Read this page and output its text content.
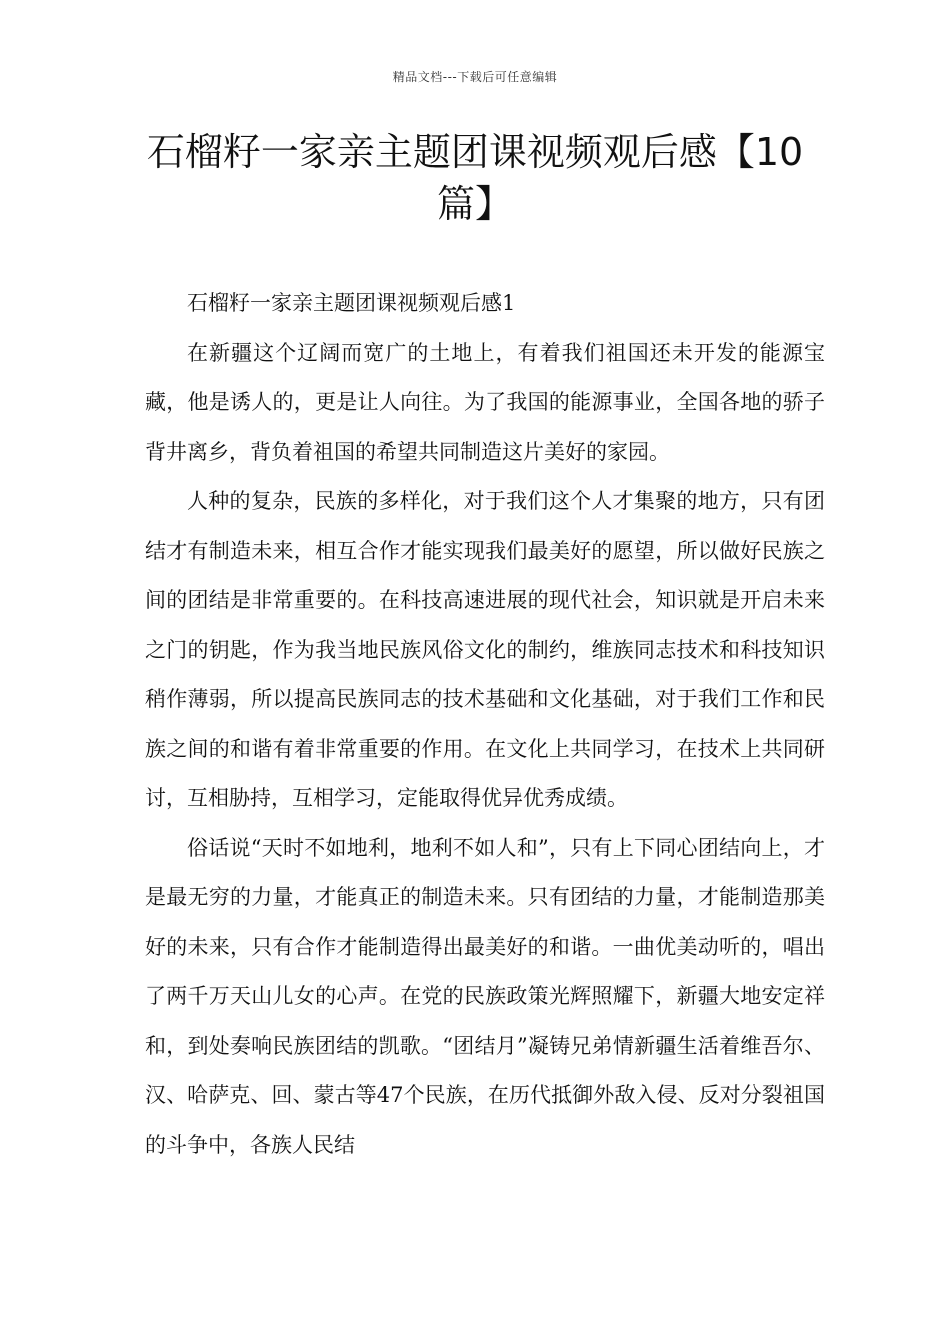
精品文档---下载后可任意编辑
石榴籽一家亲主题团课视频观后感【10篇】

石榴籽一家亲主题团课视频观后感1

在新疆这个辽阔而宽广的土地上，有着我们祖国还未开发的能源宝藏，他是诱人的，更是让人向往。为了我国的能源事业，全国各地的骄子背井离乡，背负着祖国的希望共同制造这片美好的家园。

人种的复杂，民族的多样化，对于我们这个人才集聚的地方，只有团结才有制造未来，相互合作才能实现我们最美好的愿望，所以做好民族之间的团结是非常重要的。在科技高速进展的现代社会，知识就是开启未来之门的钥匙，作为我当地民族风俗文化的制约，维族同志技术和科技知识稍作薄弱，所以提高民族同志的技术基础和文化基础，对于我们工作和民族之间的和谐有着非常重要的作用。在文化上共同学习，在技术上共同研讨，互相胁持，互相学习，定能取得优异优秀成绩。

俗话说“天时不如地利，地利不如人和”，只有上下同心团结向上，才是最无穷的力量，才能真正的制造未来。只有团结的力量，才能制造那美好的未来，只有合作才能制造得出最美好的和谐。一曲优美动听的，唱出了两千万天山儿女的心声。在党的民族政策光辉照耀下，新疆大地安定祥和，到处奏响民族团结的凯歌。“团结月”凝铸兄弟情新疆生活着维吾尔、汉、哈萨克、回、蒙古等47个民族，在历代抵御外敌入侵、反对分裂祖国的斗争中，各族人民结
